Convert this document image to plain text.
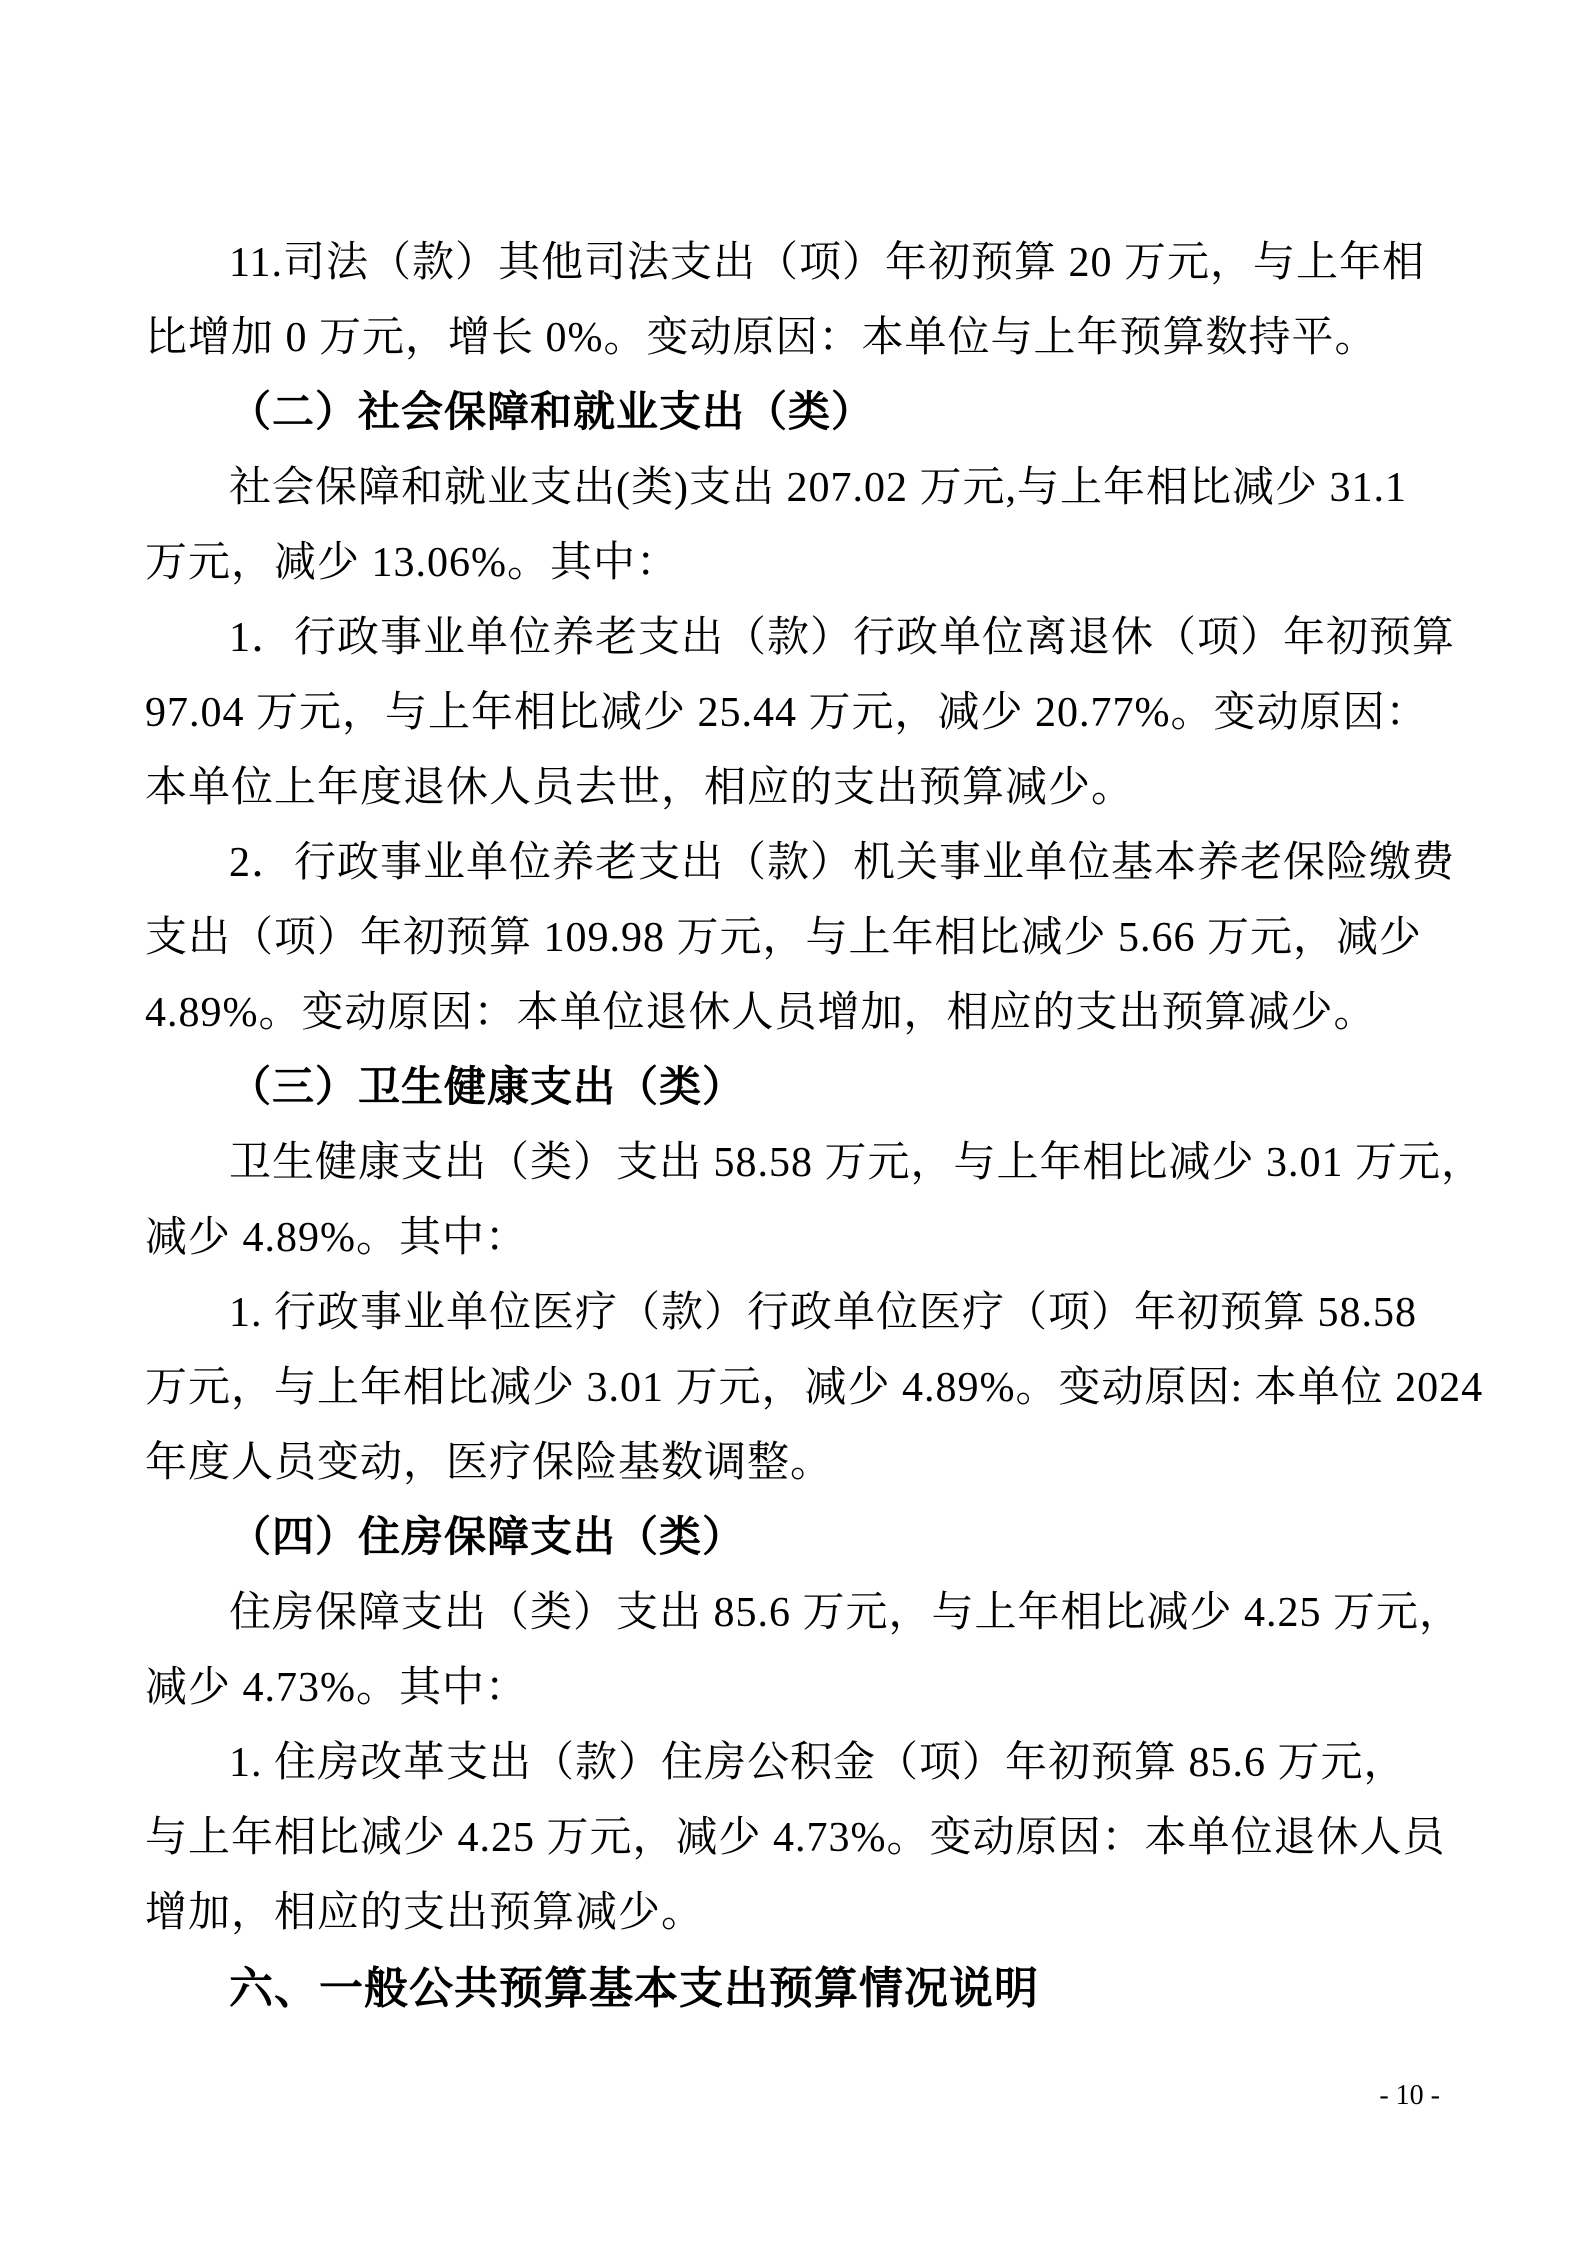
11.司法（款）其他司法支出（项）年初预算 20 万元，与上年相
比增加 0 万元，增长 0%。变动原因：本单位与上年预算数持平。
（二）社会保障和就业支出（类）
社会保障和就业支出(类)支出 207.02 万元,与上年相比减少 31.1
万元，减少 13.06%。其中：
1．行政事业单位养老支出（款）行政单位离退休（项）年初预算
97.04 万元，与上年相比减少 25.44 万元，减少 20.77%。变动原因：
本单位上年度退休人员去世，相应的支出预算减少。
2．行政事业单位养老支出（款）机关事业单位基本养老保险缴费
支出（项）年初预算 109.98 万元，与上年相比减少 5.66 万元，减少
4.89%。变动原因：本单位退休人员增加，相应的支出预算减少。
（三）卫生健康支出（类）
卫生健康支出（类）支出 58.58 万元，与上年相比减少 3.01 万元，
减少 4.89%。其中：
1. 行政事业单位医疗（款）行政单位医疗（项）年初预算 58.58
万元，与上年相比减少 3.01 万元，减少 4.89%。变动原因: 本单位 2024
年度人员变动，医疗保险基数调整。
（四）住房保障支出（类）
住房保障支出（类）支出 85.6 万元，与上年相比减少 4.25 万元，
减少 4.73%。其中：
1. 住房改革支出（款）住房公积金（项）年初预算 85.6 万元，
与上年相比减少 4.25 万元，减少 4.73%。变动原因：本单位退休人员
增加，相应的支出预算减少。
六、一般公共预算基本支出预算情况说明
- 10 -
